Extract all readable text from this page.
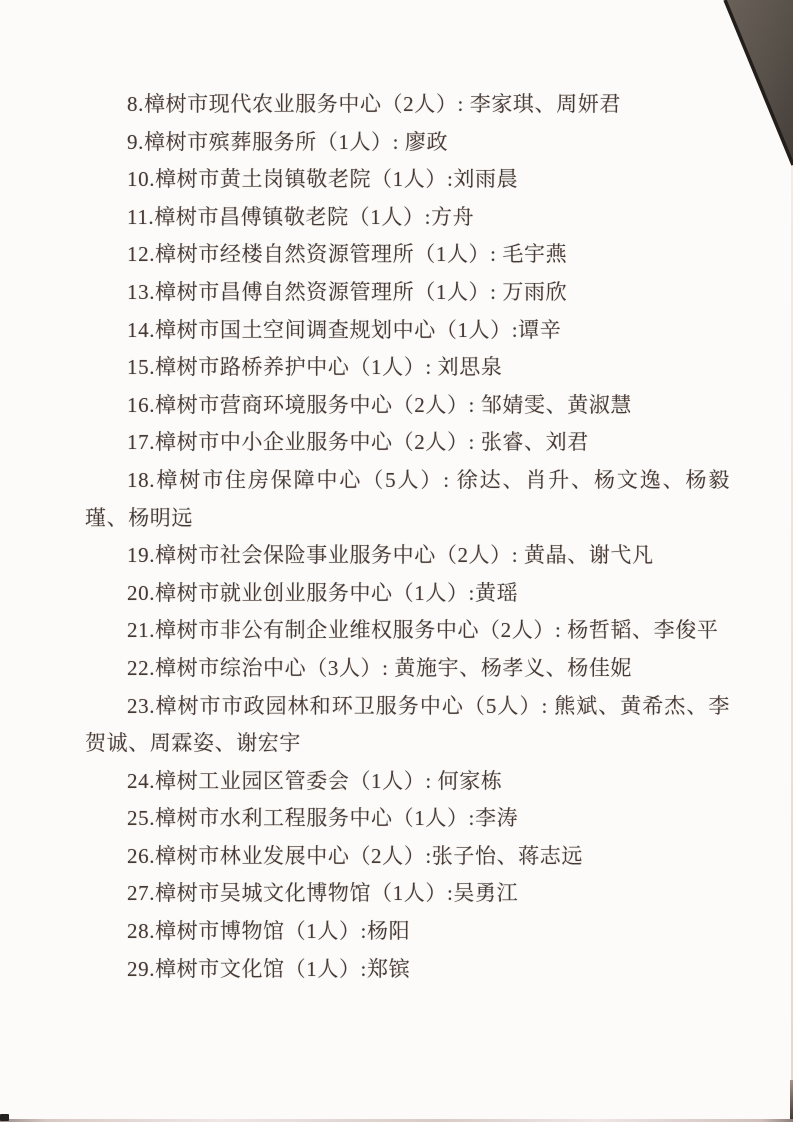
8.樟树市现代农业服务中心（2人）: 李家琪、周妍君

9.樟树市殡葬服务所（1人）: 廖政

10.樟树市黄土岗镇敬老院（1人）:刘雨晨

11.樟树市昌傅镇敬老院（1人）:方舟

12.樟树市经楼自然资源管理所（1人）: 毛宇燕

13.樟树市昌傅自然资源管理所（1人）: 万雨欣

14.樟树市国土空间调查规划中心（1人）:谭辛

15.樟树市路桥养护中心（1人）: 刘思泉

16.樟树市营商环境服务中心（2人）: 邹婧雯、黄淑慧

17.樟树市中小企业服务中心（2人）: 张睿、刘君

18.樟树市住房保障中心（5人）: 徐达、肖升、杨文逸、杨毅瑾、杨明远

19.樟树市社会保险事业服务中心（2人）: 黄晶、谢弋凡

20.樟树市就业创业服务中心（1人）:黄瑶

21.樟树市非公有制企业维权服务中心（2人）: 杨哲韬、李俊平

22.樟树市综治中心（3人）: 黄施宇、杨孝义、杨佳妮

23.樟树市市政园林和环卫服务中心（5人）: 熊斌、黄希杰、李贺诚、周霖姿、谢宏宇

24.樟树工业园区管委会（1人）: 何家栋

25.樟树市水利工程服务中心（1人）:李涛

26.樟树市林业发展中心（2人）:张子怡、蒋志远

27.樟树市吴城文化博物馆（1人）:吴勇江

28.樟树市博物馆（1人）:杨阳

29.樟树市文化馆（1人）:郑镔
